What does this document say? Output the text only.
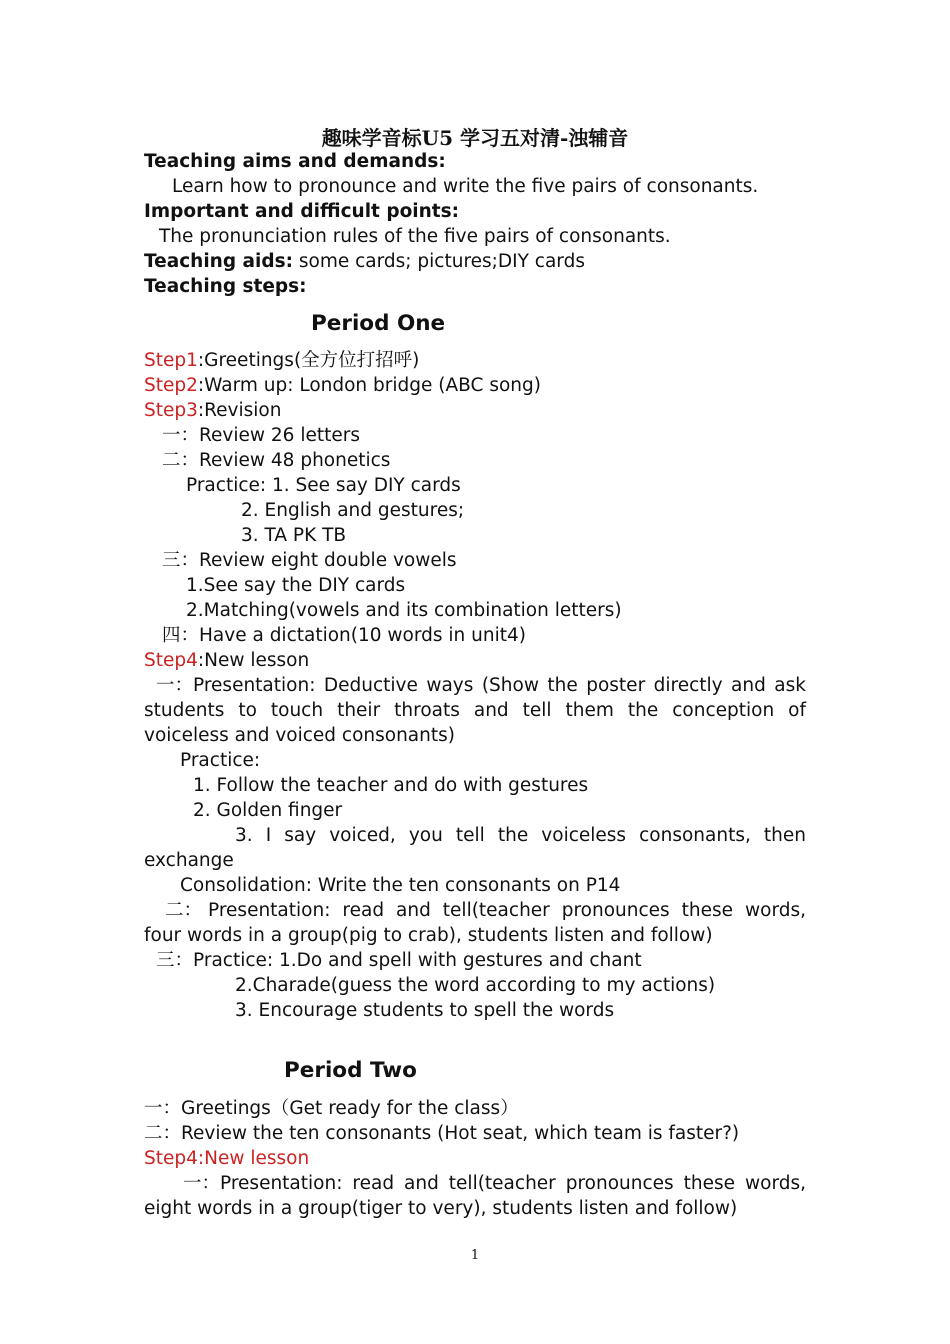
趣味学音标U5 学习五对清-浊辅音
Teaching aims and demands:
Learn how to pronounce and write the five pairs of consonants.
Important and difficult points:
The pronunciation rules of the five pairs of consonants.
Teaching aids: some cards; pictures;DIY cards
Teaching steps:
Period One
Step1:Greetings(全方位打招呼)
Step2:Warm up: London bridge (ABC song)
Step3:Revision
一：Review 26 letters
二：Review 48 phonetics
Practice: 1. See say DIY cards
2. English and gestures;
3. TA PK TB
三：Review eight double vowels
1.See say the DIY cards
2.Matching(vowels and its combination letters)
四：Have a dictation(10 words in unit4)
Step4:New lesson
一： Presentation: Deductive ways (Show the poster directly and ask
students to touch their throats and tell them the conception of
voiceless and voiced consonants)
Practice:
1. Follow the teacher and do with gestures
2. Golden finger
3. I say voiced, you tell the voiceless consonants, then
exchange
Consolidation: Write the ten consonants on P14
二： Presentation: read and tell(teacher pronounces these words,
four words in a group(pig to crab), students listen and follow)
三：Practice: 1.Do and spell with gestures and chant
2.Charade(guess the word according to my actions)
3. Encourage students to spell the words
Period Two
一：Greetings（Get ready for the class）
二：Review the ten consonants (Hot seat, which team is faster?)
Step4:New lesson
一： Presentation: read and tell(teacher pronounces these words,
eight words in a group(tiger to very), students listen and follow)
1
